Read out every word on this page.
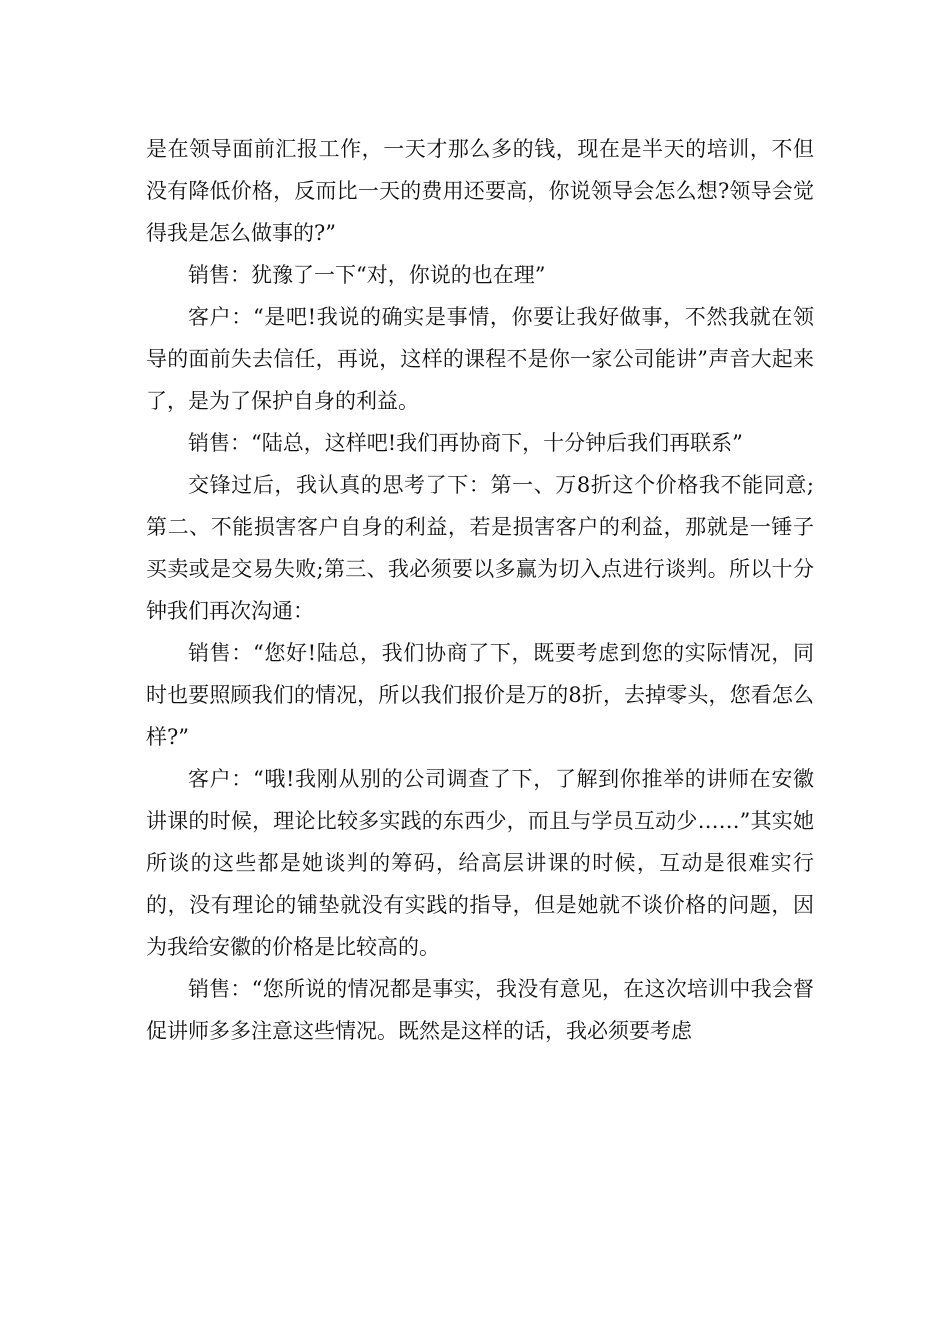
是在领导面前汇报工作，一天才那么多的钱，现在是半天的培训，不但没有降低价格，反而比一天的费用还要高，你说领导会怎么想?领导会觉得我是怎么做事的?”

销售：犹豫了一下“对，你说的也在理”

客户：“是吧!我说的确实是事情，你要让我好做事，不然我就在领导的面前失去信任，再说，这样的课程不是你一家公司能讲”声音大起来了，是为了保护自身的利益。

销售：“陆总，这样吧!我们再协商下，十分钟后我们再联系”

交锋过后，我认真的思考了下：第一、万8折这个价格我不能同意;第二、不能损害客户自身的利益，若是损害客户的利益，那就是一锤子买卖或是交易失败;第三、我必须要以多赢为切入点进行谈判。所以十分钟我们再次沟通：

销售：“您好!陆总，我们协商了下，既要考虑到您的实际情况，同时也要照顾我们的情况，所以我们报价是万的8折，去掉零头，您看怎么样?”

客户：“哦!我刚从别的公司调查了下，了解到你推举的讲师在安徽讲课的时候，理论比较多实践的东西少，而且与学员互动少……”其实她所谈的这些都是她谈判的筹码，给高层讲课的时候，互动是很难实行的，没有理论的铺垫就没有实践的指导，但是她就不谈价格的问题，因为我给安徽的价格是比较高的。

销售：“您所说的情况都是事实，我没有意见，在这次培训中我会督促讲师多多注意这些情况。既然是这样的话，我必须要考虑
